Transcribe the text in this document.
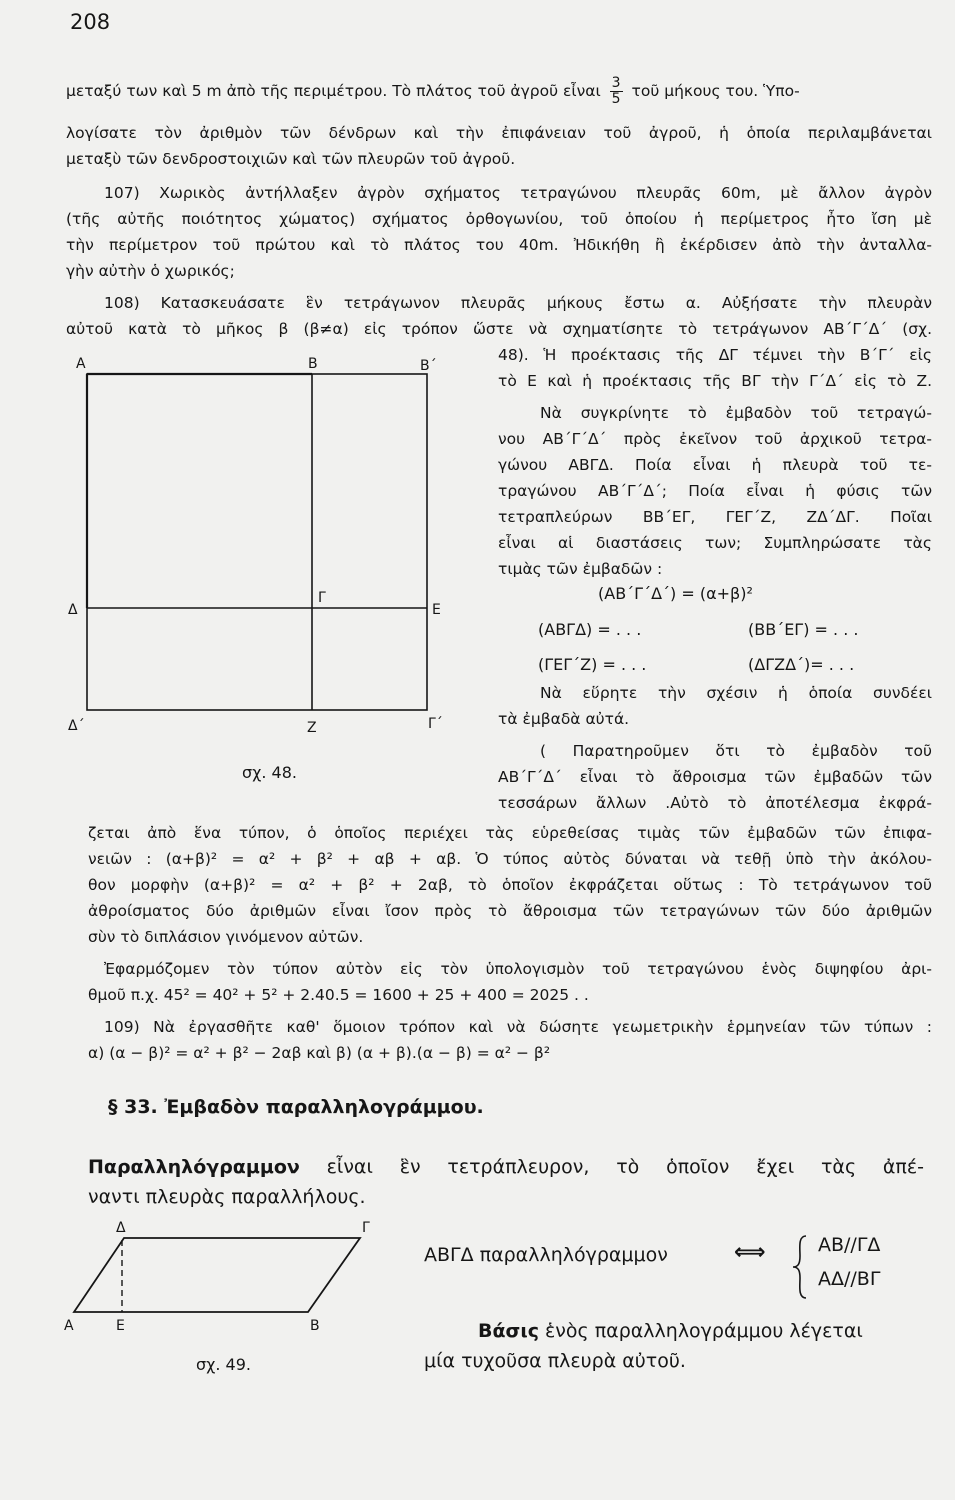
208
μεταξύ των καὶ 5 m ἀπὸ τῆς περιμέτρου. Τὸ πλάτος τοῦ ἀγροῦ εἶναι $\frac{3}{5}$ τοῦ μήκους του. Ὑπο-
λογίσατε τὸν ἀριθμὸν τῶν δένδρων καὶ τὴν ἐπιφάνειαν τοῦ ἀγροῦ, ἡ ὁποία περιλαμβάνεται
μεταξὺ τῶν δενδροστοιχιῶν καὶ τῶν πλευρῶν τοῦ ἀγροῦ.
107) Χωρικὸς ἀντήλλαξεν ἀγρὸν σχήματος τετραγώνου πλευρᾶς 60m, μὲ ἄλλον ἀγρὸν
(τῆς αὐτῆς ποιότητος χώματος) σχήματος ὀρθογωνίου, τοῦ ὁποίου ἡ περίμετρος ἦτο ἴση μὲ
τὴν περίμετρον τοῦ πρώτου καὶ τὸ πλάτος του 40m. Ἠδικήθη ἢ ἐκέρδισεν ἀπὸ τὴν ἀνταλλα-
γὴν αὐτὴν ὁ χωρικός;
108) Κατασκευάσατε ἓν τετράγωνον πλευρᾶς μήκους ἔστω α. Αὐξήσατε τὴν πλευρὰν
αὐτοῦ κατὰ τὸ μῆκος β (β≠α) εἰς τρόπον ὥστε νὰ σχηματίσητε τὸ τετράγωνον ΑΒ΄Γ΄Δ΄ (σχ.
48). Ἡ προέκτασις τῆς ΔΓ τέμνει τὴν Β΄Γ΄ εἰς
τὸ Ε καὶ ἡ προέκτασις τῆς ΒΓ τὴν Γ΄Δ΄ εἰς τὸ Ζ.
Νὰ συγκρίνητε τὸ ἐμβαδὸν τοῦ τετραγώ-
νου ΑΒ΄Γ΄Δ΄ πρὸς ἐκεῖνον τοῦ ἀρχικοῦ τετρα-
γώνου ΑΒΓΔ. Ποία εἶναι ἡ πλευρὰ τοῦ τε-
τραγώνου ΑΒ΄Γ΄Δ΄; Ποία εἶναι ἡ φύσις τῶν
τετραπλεύρων ΒΒ΄ΕΓ, ΓΕΓ΄Ζ, ΖΔ΄ΔΓ. Ποῖαι
εἶναι αἱ διαστάσεις των; Συμπληρώσατε τὰς
τιμὰς τῶν ἐμβαδῶν :
(ΑΒ΄Γ΄Δ΄) = (α+β)²
(ΑΒΓΔ) = . . .	(ΒΒ΄ΕΓ) = . . .
(ΓΕΓ΄Ζ) = . . .	(ΔΓΖΔ΄)= . . .
Νὰ εὕρητε τὴν σχέσιν ἡ ὁποία συνδέει
τὰ ἐμβαδὰ αὐτά.
( Παρατηροῦμεν ὅτι τὸ ἐμβαδὸν τοῦ
ΑΒ΄Γ΄Δ΄ εἶναι τὸ ἄθροισμα τῶν ἐμβαδῶν τῶν
τεσσάρων ἄλλων .Αὐτὸ τὸ ἀποτέλεσμα ἐκφρά-
Α	Β	Β΄
Δ
Γ
Ε
Δ΄	Ζ	Γ΄
σχ. 48.
ζεται ἀπὸ ἕνα τύπον, ὁ ὁποῖος περιέχει τὰς εὑρεθείσας τιμὰς τῶν ἐμβαδῶν τῶν ἐπιφα-
νειῶν : (α+β)² = α² + β² + αβ + αβ. Ὁ τύπος αὐτὸς δύναται νὰ τεθῇ ὑπὸ τὴν ἀκόλου-
θον μορφὴν (α+β)² = α² + β² + 2αβ, τὸ ὁποῖον ἐκφράζεται οὕτως : Τὸ τετράγωνον τοῦ
ἀθροίσματος δύο ἀριθμῶν εἶναι ἴσον πρὸς τὸ ἄθροισμα τῶν τετραγώνων τῶν δύο ἀριθμῶν
σὺν τὸ διπλάσιον γινόμενον αὐτῶν.
Ἐφαρμόζομεν τὸν τύπον αὐτὸν εἰς τὸν ὑπολογισμὸν τοῦ τετραγώνου ἑνὸς διψηφίου ἀρι-
θμοῦ π.χ. 45² = 40² + 5² + 2.40.5 = 1600 + 25 + 400 = 2025 . .
109) Νὰ ἐργασθῆτε καθ' ὅμοιον τρόπον καὶ νὰ δώσητε γεωμετρικὴν ἑρμηνείαν τῶν τύπων :
α) (α − β)² = α² + β² − 2αβ καὶ β) (α + β).(α − β) = α² − β²
§ 33. Ἐμβαδὸν παραλληλογράμμου.
Παραλληλόγραμμον εἶναι ἓν τετράπλευρον, τὸ ὁποῖον ἔχει τὰς ἀπέ-
ναντι πλευρὰς παραλλήλους.
Δ	Γ
Α	Ε	Β
σχ. 49.
ΑΒΓΔ παραλληλόγραμμον	⟺	ΑΒ//ΓΔ
ΑΔ//ΒΓ
Βάσις ἑνὸς παραλληλογράμμου λέγεται
μία τυχοῦσα πλευρὰ αὐτοῦ.
